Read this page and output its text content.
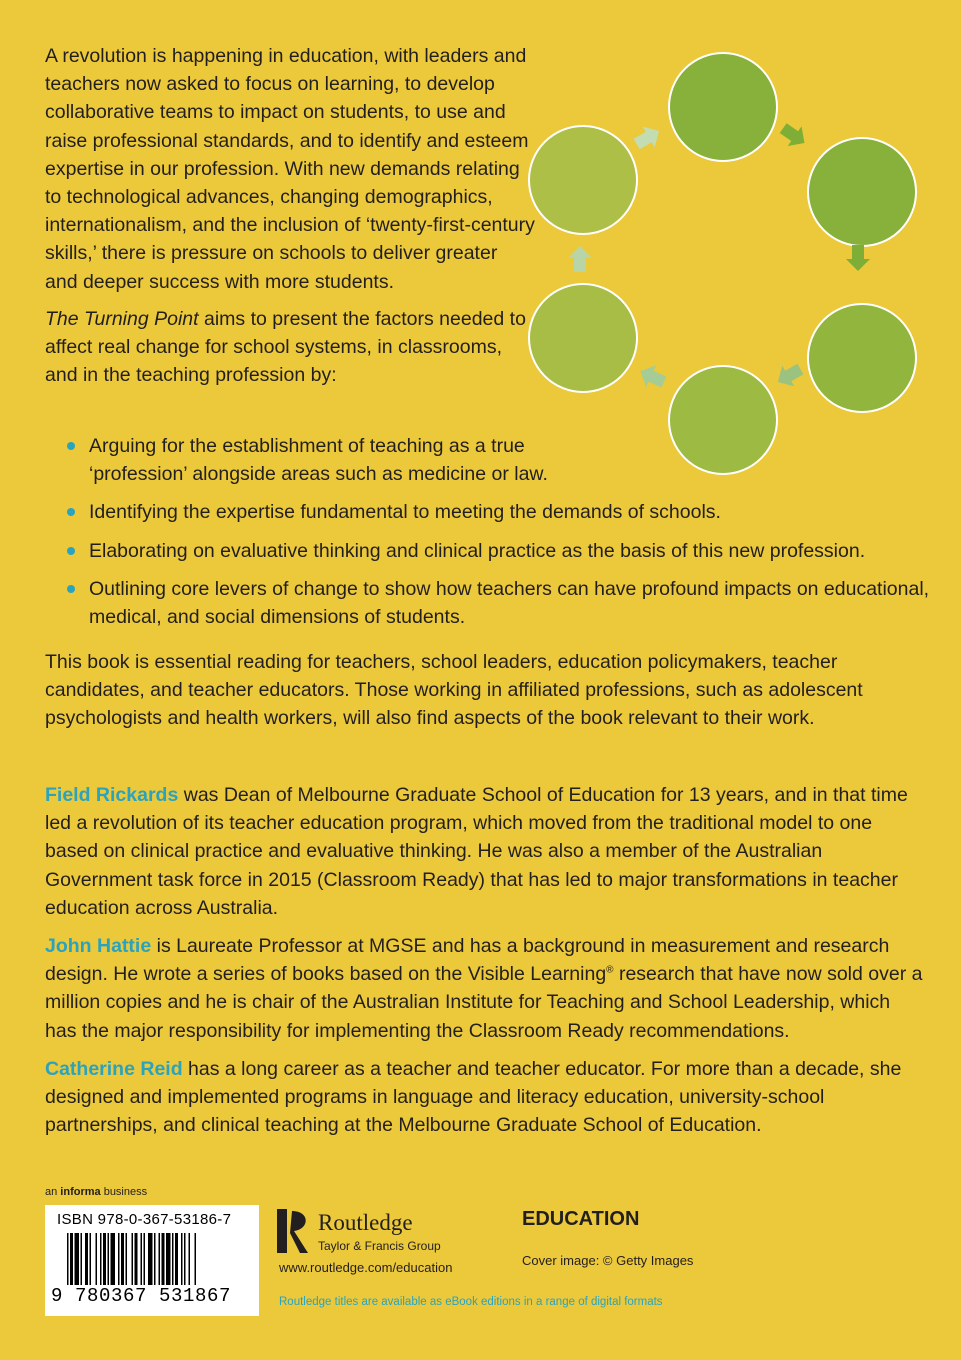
A revolution is happening in education, with leaders and teachers now asked to focus on learning, to develop collaborative teams to impact on students, to use and raise professional standards, and to identify and esteem expertise in our profession. With new demands relating to technological advances, changing demographics, internationalism, and the inclusion of ‘twenty-first-century skills,’ there is pressure on schools to deliver greater and deeper success with more students.

The Turning Point aims to present the factors needed to affect real change for school systems, in classrooms, and in the teaching profession by:

Arguing for the establishment of teaching as a true ‘profession’ alongside areas such as medicine or law.
Identifying the expertise fundamental to meeting the demands of schools.
Elaborating on evaluative thinking and clinical practice as the basis of this new profession.
Outlining core levers of change to show how teachers can have profound impacts on educational, medical, and social dimensions of students.

This book is essential reading for teachers, school leaders, education policymakers, teacher candidates, and teacher educators. Those working in affiliated professions, such as adolescent psychologists and health workers, will also find aspects of the book relevant to their work.

Field Rickards was Dean of Melbourne Graduate School of Education for 13 years, and in that time led a revolution of its teacher education program, which moved from the traditional model to one based on clinical practice and evaluative thinking. He was also a member of the Australian Government task force in 2015 (Classroom Ready) that has led to major transformations in teacher education across Australia.

John Hattie is Laureate Professor at MGSE and has a background in measurement and research design. He wrote a series of books based on the Visible Learning® research that have now sold over a million copies and he is chair of the Australian Institute for Teaching and School Leadership, which has the major responsibility for implementing the Classroom Ready recommendations.

Catherine Reid has a long career as a teacher and teacher educator. For more than a decade, she designed and implemented programs in language and literacy education, university-school partnerships, and clinical teaching at the Melbourne Graduate School of Education.

an informa business
ISBN 978-0-367-53186-7
9 780367 531867
Routledge
Taylor & Francis Group
www.routledge.com/education
EDUCATION
Cover image: © Getty Images
Routledge titles are available as eBook editions in a range of digital formats
